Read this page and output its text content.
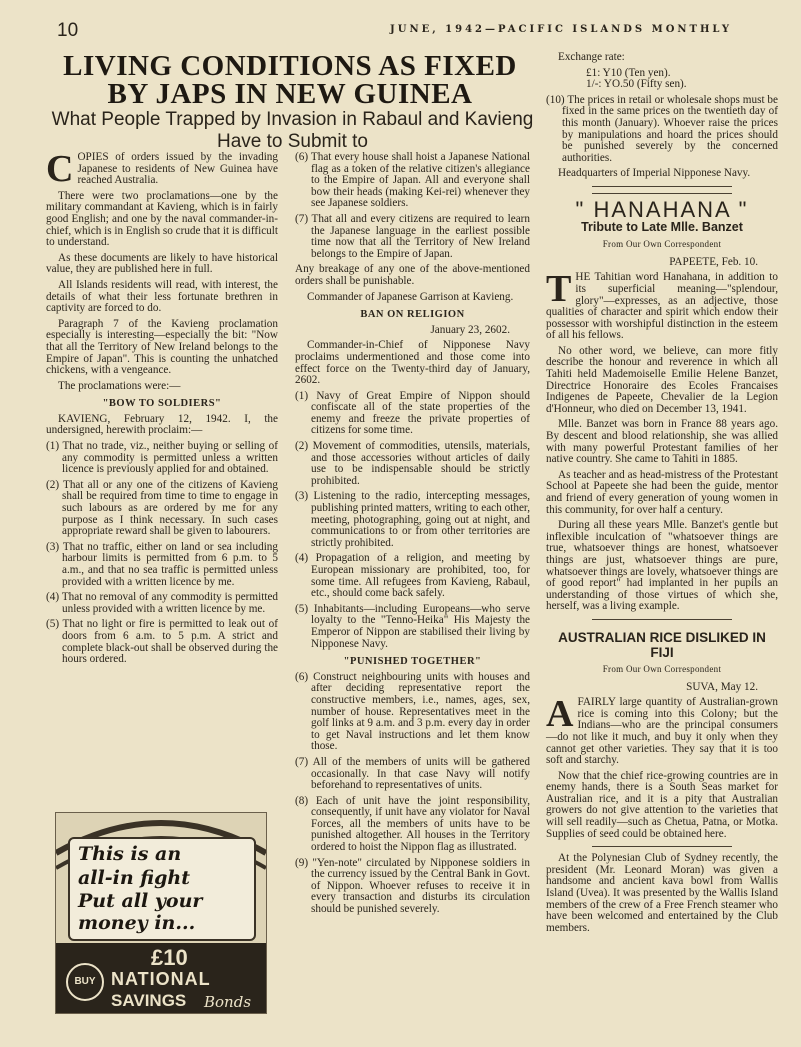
10	JUNE, 1942—PACIFIC ISLANDS MONTHLY
LIVING CONDITIONS AS FIXED BY JAPS IN NEW GUINEA
What People Trapped by Invasion in Rabaul and Kavieng Have to Submit to

COPIES of orders issued by the invading Japanese to residents of New Guinea have reached Australia.

There were two proclamations—one by the military commandant at Kavieng, which is in fairly good English; and one by the naval commander-in-chief, which is in English so crude that it is difficult to understand.

As these documents are likely to have historical value, they are published here in full.

All Islands residents will read, with interest, the details of what their less fortunate brethren in captivity are forced to do.

Paragraph 7 of the Kavieng proclamation especially is interesting—especially the bit: "Now that all the Territory of New Ireland belongs to the Empire of Japan". This is counting the unhatched chickens, with a vengeance.

The proclamations were:—

"BOW TO SOLDIERS"

KAVIENG, February 12, 1942. I, the undersigned, herewith proclaim:—

(1) That no trade, viz., neither buying or selling of any commodity is permitted unless a written licence is previously applied for and obtained.

(2) That all or any one of the citizens of Kavieng shall be required from time to time to engage in such labours as are ordered by me for any purpose as I think necessary. In such cases appropriate reward shall be given to labourers.

(3) That no traffic, either on land or sea including harbour limits is permitted from 6 p.m. to 5 a.m., and that no sea traffic is permitted unless provided with a written licence by me.

(4) That no removal of any commodity is permitted unless provided with a written licence by me.

(5) That no light or fire is permitted to leak out of doors from 6 a.m. to 5 p.m. A strict and complete black-out shall be observed during the hours ordered.

This is an
all-in fight
Put all your
money in...
BUY
£10
NATIONAL
SAVINGS Bonds

(6) That every house shall hoist a Japanese National flag as a token of the relative citizen's allegiance to the Empire of Japan. All and everyone shall bow their heads (making Kei-rei) whenever they see Japanese soldiers.

(7) That all and every citizens are required to learn the Japanese language in the earliest possible time now that all the Territory of New Ireland belongs to the Empire of Japan.

Any breakage of any one of the above-mentioned orders shall be punishable.

Commander of Japanese Garrison at Kavieng.

BAN ON RELIGION

January 23, 2602.

Commander-in-Chief of Nipponese Navy proclaims undermentioned and those come into effect force on the Twenty-third day of January, 2602.

(1) Navy of Great Empire of Nippon should confiscate all of the state properties of the enemy and freeze the private properties of citizens for some time.

(2) Movement of commodities, utensils, materials, and those accessories without articles of daily use to be indispensable should be strictly prohibited.

(3) Listening to the radio, intercepting messages, publishing printed matters, writing to each other, meeting, photographing, going out at night, and communications to or from other territories are strictly prohibited.

(4) Propagation of a religion, and meeting by European missionary are prohibited, too, for some time. All refugees from Kavieng, Rabaul, etc., should come back safely.

(5) Inhabitants—including Europeans—who serve loyalty to the "Tenno-Heika" His Majesty the Emperor of Nippon are stabilised their living by Nipponese Navy.

"PUNISHED TOGETHER"

(6) Construct neighbouring units with houses and after deciding representative report the constructive members, i.e., names, ages, sex, number of house. Representatives meet in the golf links at 9 a.m. and 3 p.m. every day in order to get Naval instructions and let them know those.

(7) All of the members of units will be gathered occasionally. In that case Navy will notify beforehand to representatives of units.

(8) Each of unit have the joint responsibility, consequently, if unit have any violator for Naval Forces, all the members of units have to be punished altogether. All houses in the Territory ordered to hoist the Nippon flag as illustrated.

(9) "Yen-note" circulated by Nipponese soldiers in the currency issued by the Central Bank in Govt. of Nippon. Whoever refuses to receive it in every transaction and disturbs its circulation should be punished severely.

Exchange rate:

£1: Y10 (Ten yen).

1/-: YO.50 (Fifty sen).

(10) The prices in retail or wholesale shops must be fixed in the same prices on the twentieth day of this month (January). Whoever raise the prices by manipulations and hoard the prices should be punished severely by the concerned authorities.

Headquarters of Imperial Nipponese Navy.

" HANAHANA "
Tribute to Late Mlle. Banzet
From Our Own Correspondent

PAPEETE, Feb. 10.

THE Tahitian word Hanahana, in addition to its superficial meaning—"splendour, glory"—expresses, as an adjective, those qualities of character and spirit which endow their possessor with worshipful distinction in the esteem of all his fellows.

No other word, we believe, can more fitly describe the honour and reverence in which all Tahiti held Mademoiselle Emilie Helene Banzet, Directrice Honoraire des Ecoles Francaises Indigenes de Papeete, Chevalier de la Legion d'Honneur, who died on December 13, 1941.

Mlle. Banzet was born in France 88 years ago. By descent and blood relationship, she was allied with many powerful Protestant families of her native country. She came to Tahiti in 1885.

As teacher and as head-mistress of the Protestant School at Papeete she had been the guide, mentor and friend of every generation of young women in this community, for over half a century.

During all these years Mlle. Banzet's gentle but inflexible inculcation of "whatsoever things are true, whatsoever things are honest, whatsoever things are just, whatsoever things are pure, whatsoever things are lovely, whatsoever things are of good report" had implanted in her pupils an understanding of those virtues of which she, herself, was a living example.

AUSTRALIAN RICE DISLIKED IN FIJI
From Our Own Correspondent

SUVA, May 12.

AFAIRLY large quantity of Australian-grown rice is coming into this Colony; but the Indians—who are the principal consumers—do not like it much, and buy it only when they cannot get other varieties. They say that it is too soft and starchy.

Now that the chief rice-growing countries are in enemy hands, there is a South Seas market for Australian rice, and it is a pity that Australian growers do not give attention to the varieties that will sell readily—such as Chetua, Patna, or Motka. Supplies of seed could be obtained here.

At the Polynesian Club of Sydney recently, the president (Mr. Leonard Moran) was given a handsome and ancient kava bowl from Wallis Island (Uvea). It was presented by the Wallis Island members of the crew of a Free French steamer who have been welcomed and entertained by the Club members.
